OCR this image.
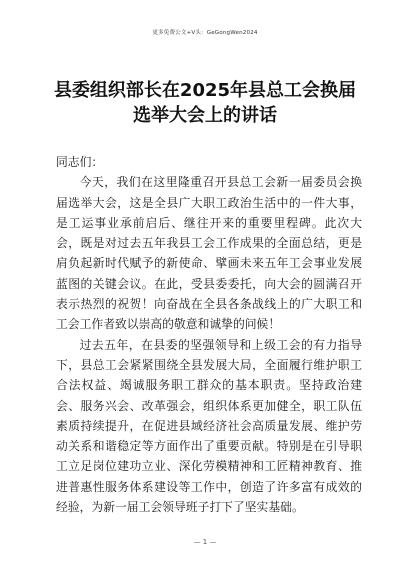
更多免费公文+V头：GeGongWen2024
县委组织部长在2025年县总工会换届选举大会上的讲话

同志们：

今天，我们在这里隆重召开县总工会新一届委员会换届选举大会，这是全县广大职工政治生活中的一件大事，是工运事业承前启后、继往开来的重要里程碑。此次大会，既是对过去五年我县工会工作成果的全面总结，更是肩负起新时代赋予的新使命、擘画未来五年工会事业发展蓝图的关键会议。在此，受县委委托，向大会的圆满召开表示热烈的祝贺！向奋战在全县各条战线上的广大职工和工会工作者致以崇高的敬意和诚挚的问候！

过去五年，在县委的坚强领导和上级工会的有力指导下，县总工会紧紧围绕全县发展大局，全面履行维护职工合法权益、竭诚服务职工群众的基本职责。坚持政治建会、服务兴会、改革强会，组织体系更加健全，职工队伍素质持续提升，在促进县域经济社会高质量发展、维护劳动关系和谐稳定等方面作出了重要贡献。特别是在引导职工立足岗位建功立业、深化劳模精神和工匠精神教育、推进普惠性服务体系建设等工作中，创造了许多富有成效的经验，为新一届工会领导班子打下了坚实基础。

— 1 —
